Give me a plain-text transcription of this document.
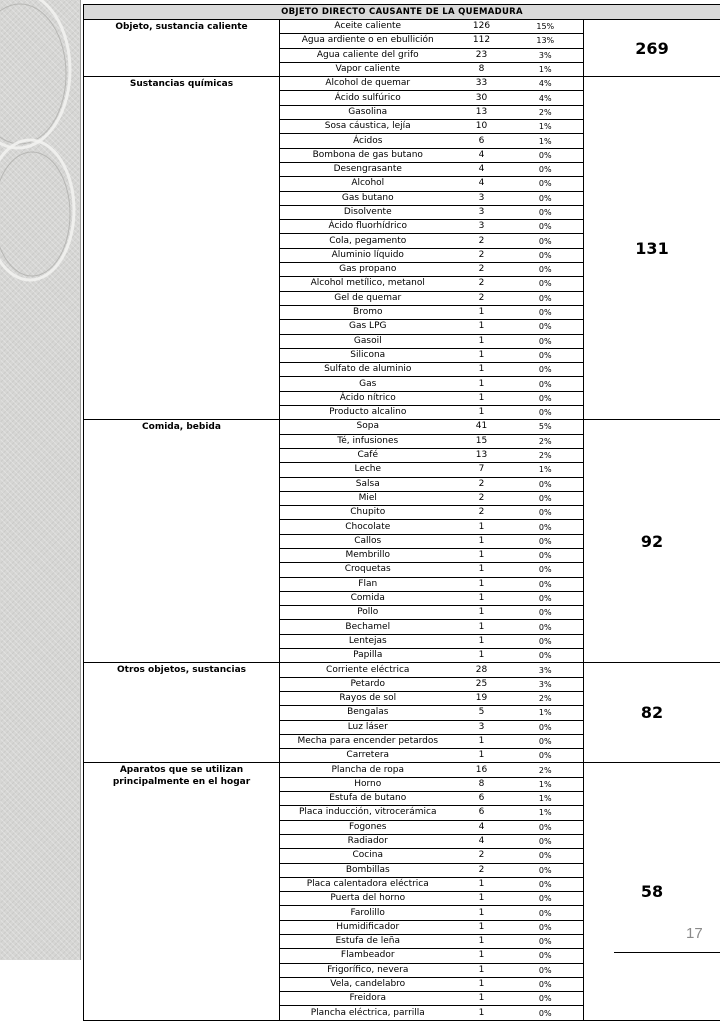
OBJETO DIRECTO CAUSANTE DE LA QUEMADURA				
Objeto, sustancia caliente	Aceite caliente	126	15%	269
	Agua ardiente o en ebullición	112	13%	
	Agua caliente del grifo	23	3%	
	Vapor caliente	8	1%	
Sustancias químicas	Alcohol de quemar	33	4%	131
	Ácido sulfúrico	30	4%	
	Gasolina	13	2%	
	Sosa cáustica, lejía	10	1%	
	Ácidos	6	1%	
	Bombona de gas butano	4	0%	
	Desengrasante	4	0%	
	Alcohol	4	0%	
	Gas butano	3	0%	
	Disolvente	3	0%	
	Ácido fluorhídrico	3	0%	
	Cola, pegamento	2	0%	
	Aluminio líquido	2	0%	
	Gas propano	2	0%	
	Alcohol metílico, metanol	2	0%	
	Gel de quemar	2	0%	
	Bromo	1	0%	
	Gas LPG	1	0%	
	Gasoil	1	0%	
	Silicona	1	0%	
	Sulfato de aluminio	1	0%	
	Gas	1	0%	
	Ácido nítrico	1	0%	
	Producto alcalino	1	0%	
Comida, bebida	Sopa	41	5%	92
	Té, infusiones	15	2%	
	Café	13	2%	
	Leche	7	1%	
	Salsa	2	0%	
	Miel	2	0%	
	Chupito	2	0%	
	Chocolate	1	0%	
	Callos	1	0%	
	Membrillo	1	0%	
	Croquetas	1	0%	
	Flan	1	0%	
	Comida	1	0%	
	Pollo	1	0%	
	Bechamel	1	0%	
	Lentejas	1	0%	
	Papilla	1	0%	
Otros objetos, sustancias	Corriente eléctrica	28	3%	82
	Petardo	25	3%	
	Rayos de sol	19	2%	
	Bengalas	5	1%	
	Luz láser	3	0%	
	Mecha para encender petardos	1	0%	
	Carretera	1	0%	
Aparatos que se utilizan principalmente en el hogar	Plancha de ropa	16	2%	58
	Horno	8	1%	
	Estufa de butano	6	1%	
	Placa inducción, vitrocerámica	6	1%	
	Fogones	4	0%	
	Radiador	4	0%	
	Cocina	2	0%	
	Bombillas	2	0%	
	Placa calentadora eléctrica	1	0%	
	Puerta del horno	1	0%	
	Farolillo	1	0%	
	Humidificador	1	0%	
	Estufa de leña	1	0%	
	Flambeador	1	0%	
	Frigorífico, nevera	1	0%	
	Vela, candelabro	1	0%	
	Freidora	1	0%	
	Plancha eléctrica, parrilla	1	0%	
17
